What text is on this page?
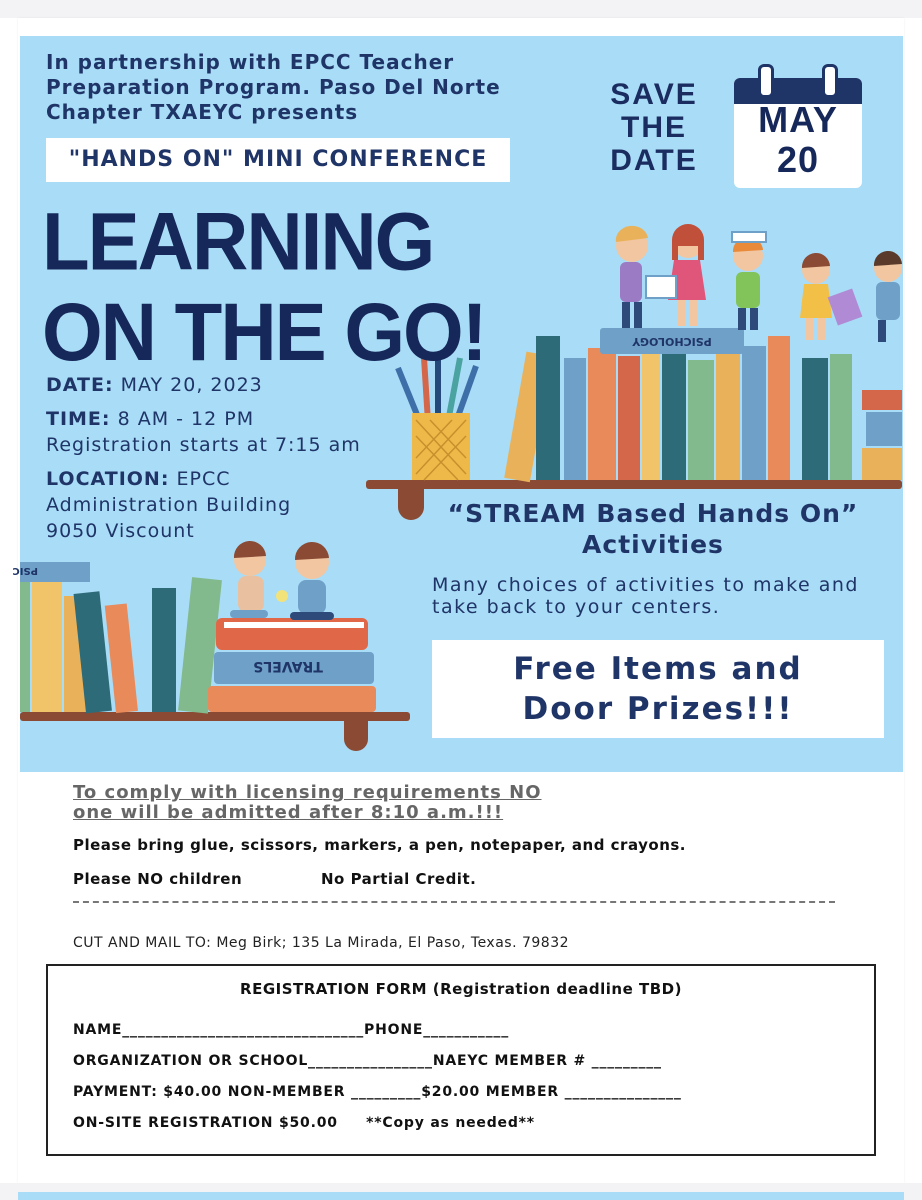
PSICHOLOGY
TRAVELS
PSIC
In partnership with EPCC Teacher Preparation Program. Paso Del Norte Chapter TXAEYC presents
"HANDS ON" MINI CONFERENCE
LEARNING
ON THE GO!
SAVE
THE
DATE
MAY
20
DATE: MAY 20, 2023
TIME: 8 AM - 12 PM
Registration starts at 7:15 am
LOCATION: EPCC
Administration Building
9050 Viscount
“STREAM Based Hands On”
Activities
Many choices of activities to make and take back to your centers.
Free Items and
Door Prizes!!!
To comply with licensing requirements NO
one will be admitted after 8:10 a.m.!!!
Please bring glue, scissors, markers, a pen, notepaper, and crayons.
Please NO children	No Partial Credit.
CUT AND MAIL TO: Meg Birk; 135 La Mirada, El Paso, Texas. 79832
REGISTRATION FORM (Registration deadline TBD)
NAME_______________________________PHONE___________
ORGANIZATION OR SCHOOL________________NAEYC MEMBER # _________
PAYMENT: $40.00 NON-MEMBER _________$20.00 MEMBER _______________
ON-SITE REGISTRATION $50.00     **Copy as needed**
